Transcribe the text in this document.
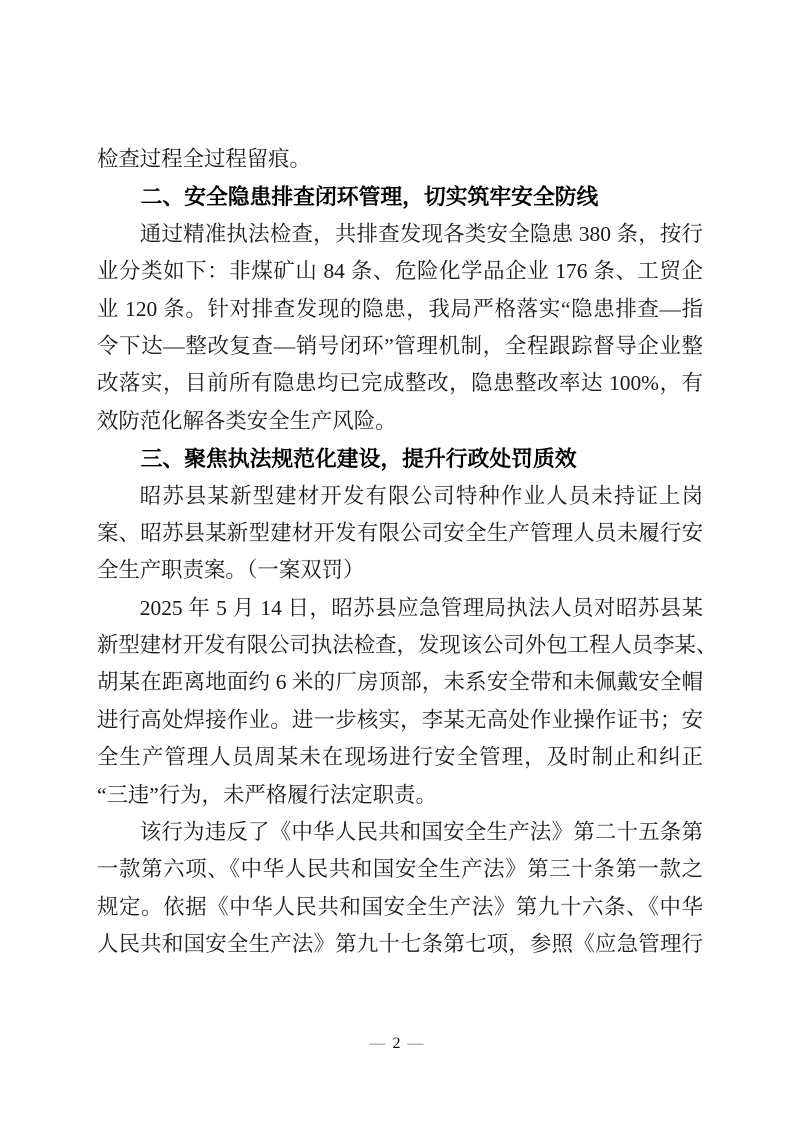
检查过程全过程留痕。
二、安全隐患排查闭环管理，切实筑牢安全防线
通过精准执法检查，共排查发现各类安全隐患 380 条，按行
业分类如下：非煤矿山 84 条、危险化学品企业 176 条、工贸企
业 120 条。针对排查发现的隐患，我局严格落实“隐患排查—指
令下达—整改复查—销号闭环”管理机制，全程跟踪督导企业整
改落实，目前所有隐患均已完成整改，隐患整改率达 100%，有
效防范化解各类安全生产风险。
三、聚焦执法规范化建设，提升行政处罚质效
昭苏县某新型建材开发有限公司特种作业人员未持证上岗
案、昭苏县某新型建材开发有限公司安全生产管理人员未履行安
全生产职责案。（一案双罚）
2025 年 5 月 14 日，昭苏县应急管理局执法人员对昭苏县某
新型建材开发有限公司执法检查，发现该公司外包工程人员李某、
胡某在距离地面约 6 米的厂房顶部，未系安全带和未佩戴安全帽
进行高处焊接作业。进一步核实，李某无高处作业操作证书；安
全生产管理人员周某未在现场进行安全管理，及时制止和纠正
“三违”行为，未严格履行法定职责。
该行为违反了《中华人民共和国安全生产法》第二十五条第
一款第六项、《中华人民共和国安全生产法》第三十条第一款之
规定。依据《中华人民共和国安全生产法》第九十六条、《中华
人民共和国安全生产法》第九十七条第七项，参照《应急管理行
— 2 —
